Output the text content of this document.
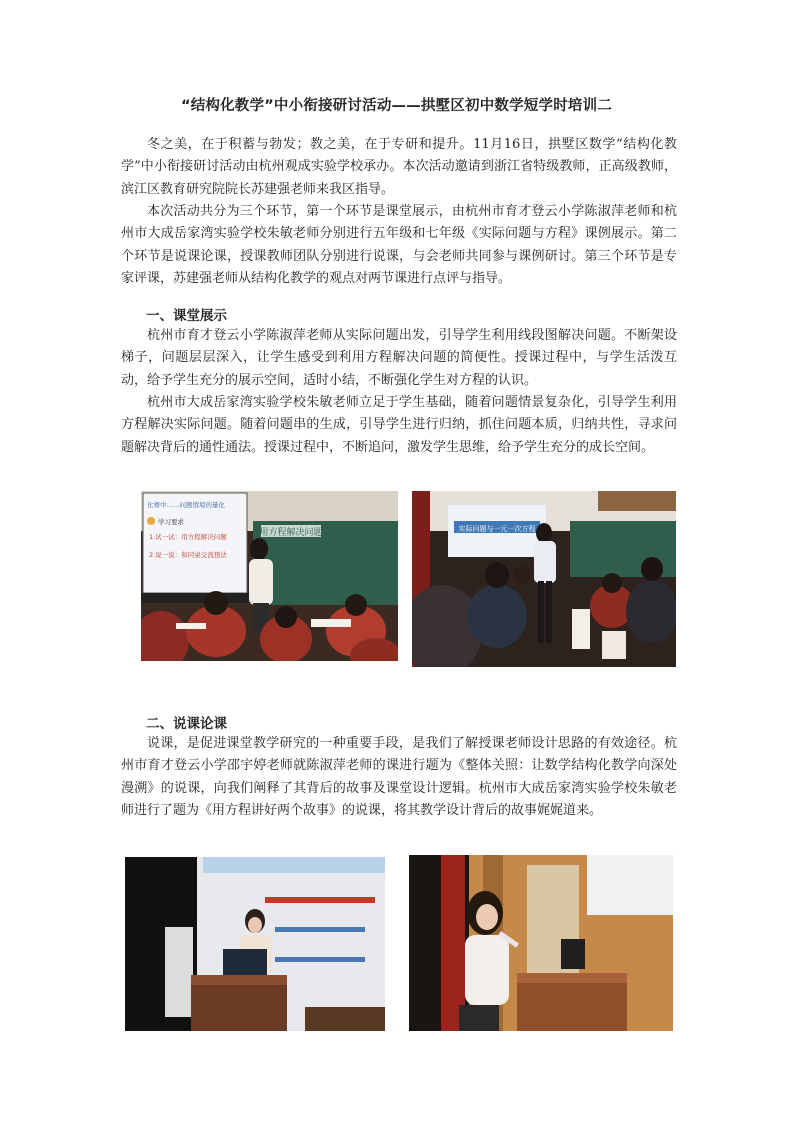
“结构化教学”中小衔接研讨活动——拱墅区初中数学短学时培训二

冬之美，在于积蓄与勃发；教之美，在于专研和提升。11月16日，拱墅区数学“结构化教学”中小衔接研讨活动由杭州观成实验学校承办。本次活动邀请到浙江省特级教师，正高级教师，滨江区教育研究院院长苏建强老师来我区指导。

本次活动共分为三个环节，第一个环节是课堂展示，由杭州市育才登云小学陈淑萍老师和杭州市大成岳家湾实验学校朱敏老师分别进行五年级和七年级《实际问题与方程》课例展示。第二个环节是说课论课，授课教师团队分别进行说课，与会老师共同参与课例研讨。第三个环节是专家评课，苏建强老师从结构化教学的观点对两节课进行点评与指导。

一、课堂展示

杭州市育才登云小学陈淑萍老师从实际问题出发，引导学生利用线段图解决问题。不断架设梯子，问题层层深入，让学生感受到利用方程解决问题的简便性。授课过程中，与学生活泼互动，给予学生充分的展示空间，适时小结，不断强化学生对方程的认识。

杭州市大成岳家湾实验学校朱敏老师立足于学生基础，随着问题情景复杂化，引导学生利用方程解决实际问题。随着问题串的生成，引导学生进行归纳，抓住问题本质，归纳共性，寻求问题解决背后的通性通法。授课过程中，不断追问，激发学生思维，给予学生充分的成长空间。

用方程解决问题
比赛中……问题情境的量化
学习要求
1.试一试：用方程解决问题
2.说一说：和同桌交流想法
实际问题与一元一次方程
二、说课论课

说课，是促进课堂教学研究的一种重要手段，是我们了解授课老师设计思路的有效途径。杭州市育才登云小学邵宇婷老师就陈淑萍老师的课进行题为《整体关照：让数学结构化教学向深处漫溯》的说课，向我们阐释了其背后的故事及课堂设计逻辑。杭州市大成岳家湾实验学校朱敏老师进行了题为《用方程讲好两个故事》的说课，将其教学设计背后的故事娓娓道来。
